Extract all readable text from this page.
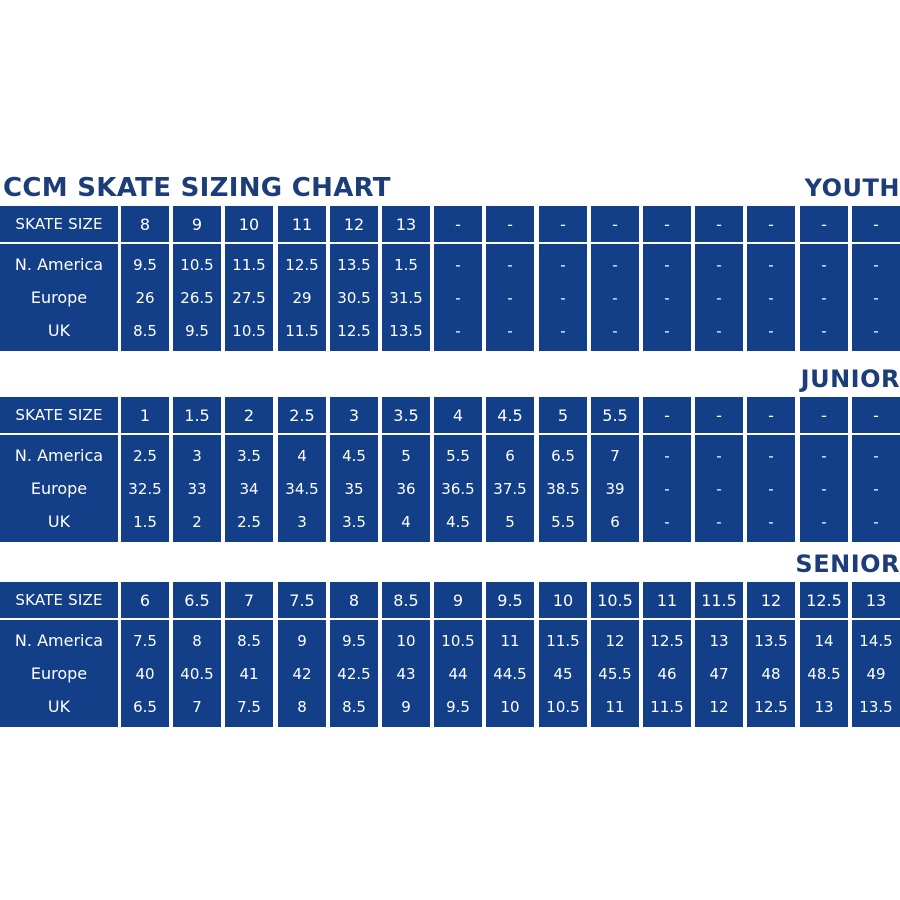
CCM SKATE SIZING CHART	YOUTH
SKATE SIZE
N. America
Europe
UK
8
9.5
26
8.5
9
10.5
26.5
9.5
10
11.5
27.5
10.5
11
12.5
29
11.5
12
13.5
30.5
12.5
13
1.5
31.5
13.5
-
-
-
-
-
-
-
-
-
-
-
-
-
-
-
-
-
-
-
-
-
-
-
-
-
-
-
-
-
-
-
-
-
-
-
-
JUNIOR
SKATE SIZE
N. America
Europe
UK
1
2.5
32.5
1.5
1.5
3
33
2
2
3.5
34
2.5
2.5
4
34.5
3
3
4.5
35
3.5
3.5
5
36
4
4
5.5
36.5
4.5
4.5
6
37.5
5
5
6.5
38.5
5.5
5.5
7
39
6
-
-
-
-
-
-
-
-
-
-
-
-
-
-
-
-
-
-
-
-
SENIOR
SKATE SIZE
N. America
Europe
UK
6
7.5
40
6.5
6.5
8
40.5
7
7
8.5
41
7.5
7.5
9
42
8
8
9.5
42.5
8.5
8.5
10
43
9
9
10.5
44
9.5
9.5
11
44.5
10
10
11.5
45
10.5
10.5
12
45.5
11
11
12.5
46
11.5
11.5
13
47
12
12
13.5
48
12.5
12.5
14
48.5
13
13
14.5
49
13.5
